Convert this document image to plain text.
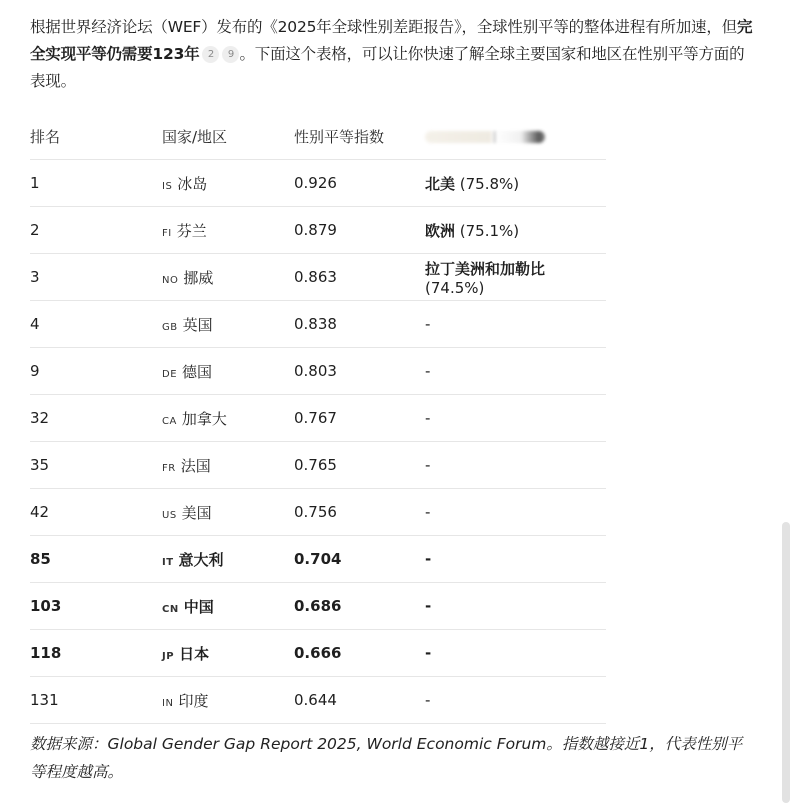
根据世界经济论坛（WEF）发布的《2025年全球性别差距报告》，全球性别平等的整体进程有所加速，但完全实现平等仍需要123年 2 9 。下面这个表格，可以让你快速了解全球主要国家和地区在性别平等方面的表现。

排名	国家/地区	性别平等指数	
1	IS 冰岛	0.926	北美 (75.8%)
2	FI 芬兰	0.879	欧洲 (75.1%)
3	NO 挪威	0.863	拉丁美洲和加勒比 (74.5%)
4	GB 英国	0.838	-
9	DE 德国	0.803	-
32	CA 加拿大	0.767	-
35	FR 法国	0.765	-
42	US 美国	0.756	-
85	IT 意大利	0.704	-
103	CN 中国	0.686	-
118	JP 日本	0.666	-
131	IN 印度	0.644	-

数据来源：Global Gender Gap Report 2025, World Economic Forum。指数越接近1，代表性别平等程度越高。
